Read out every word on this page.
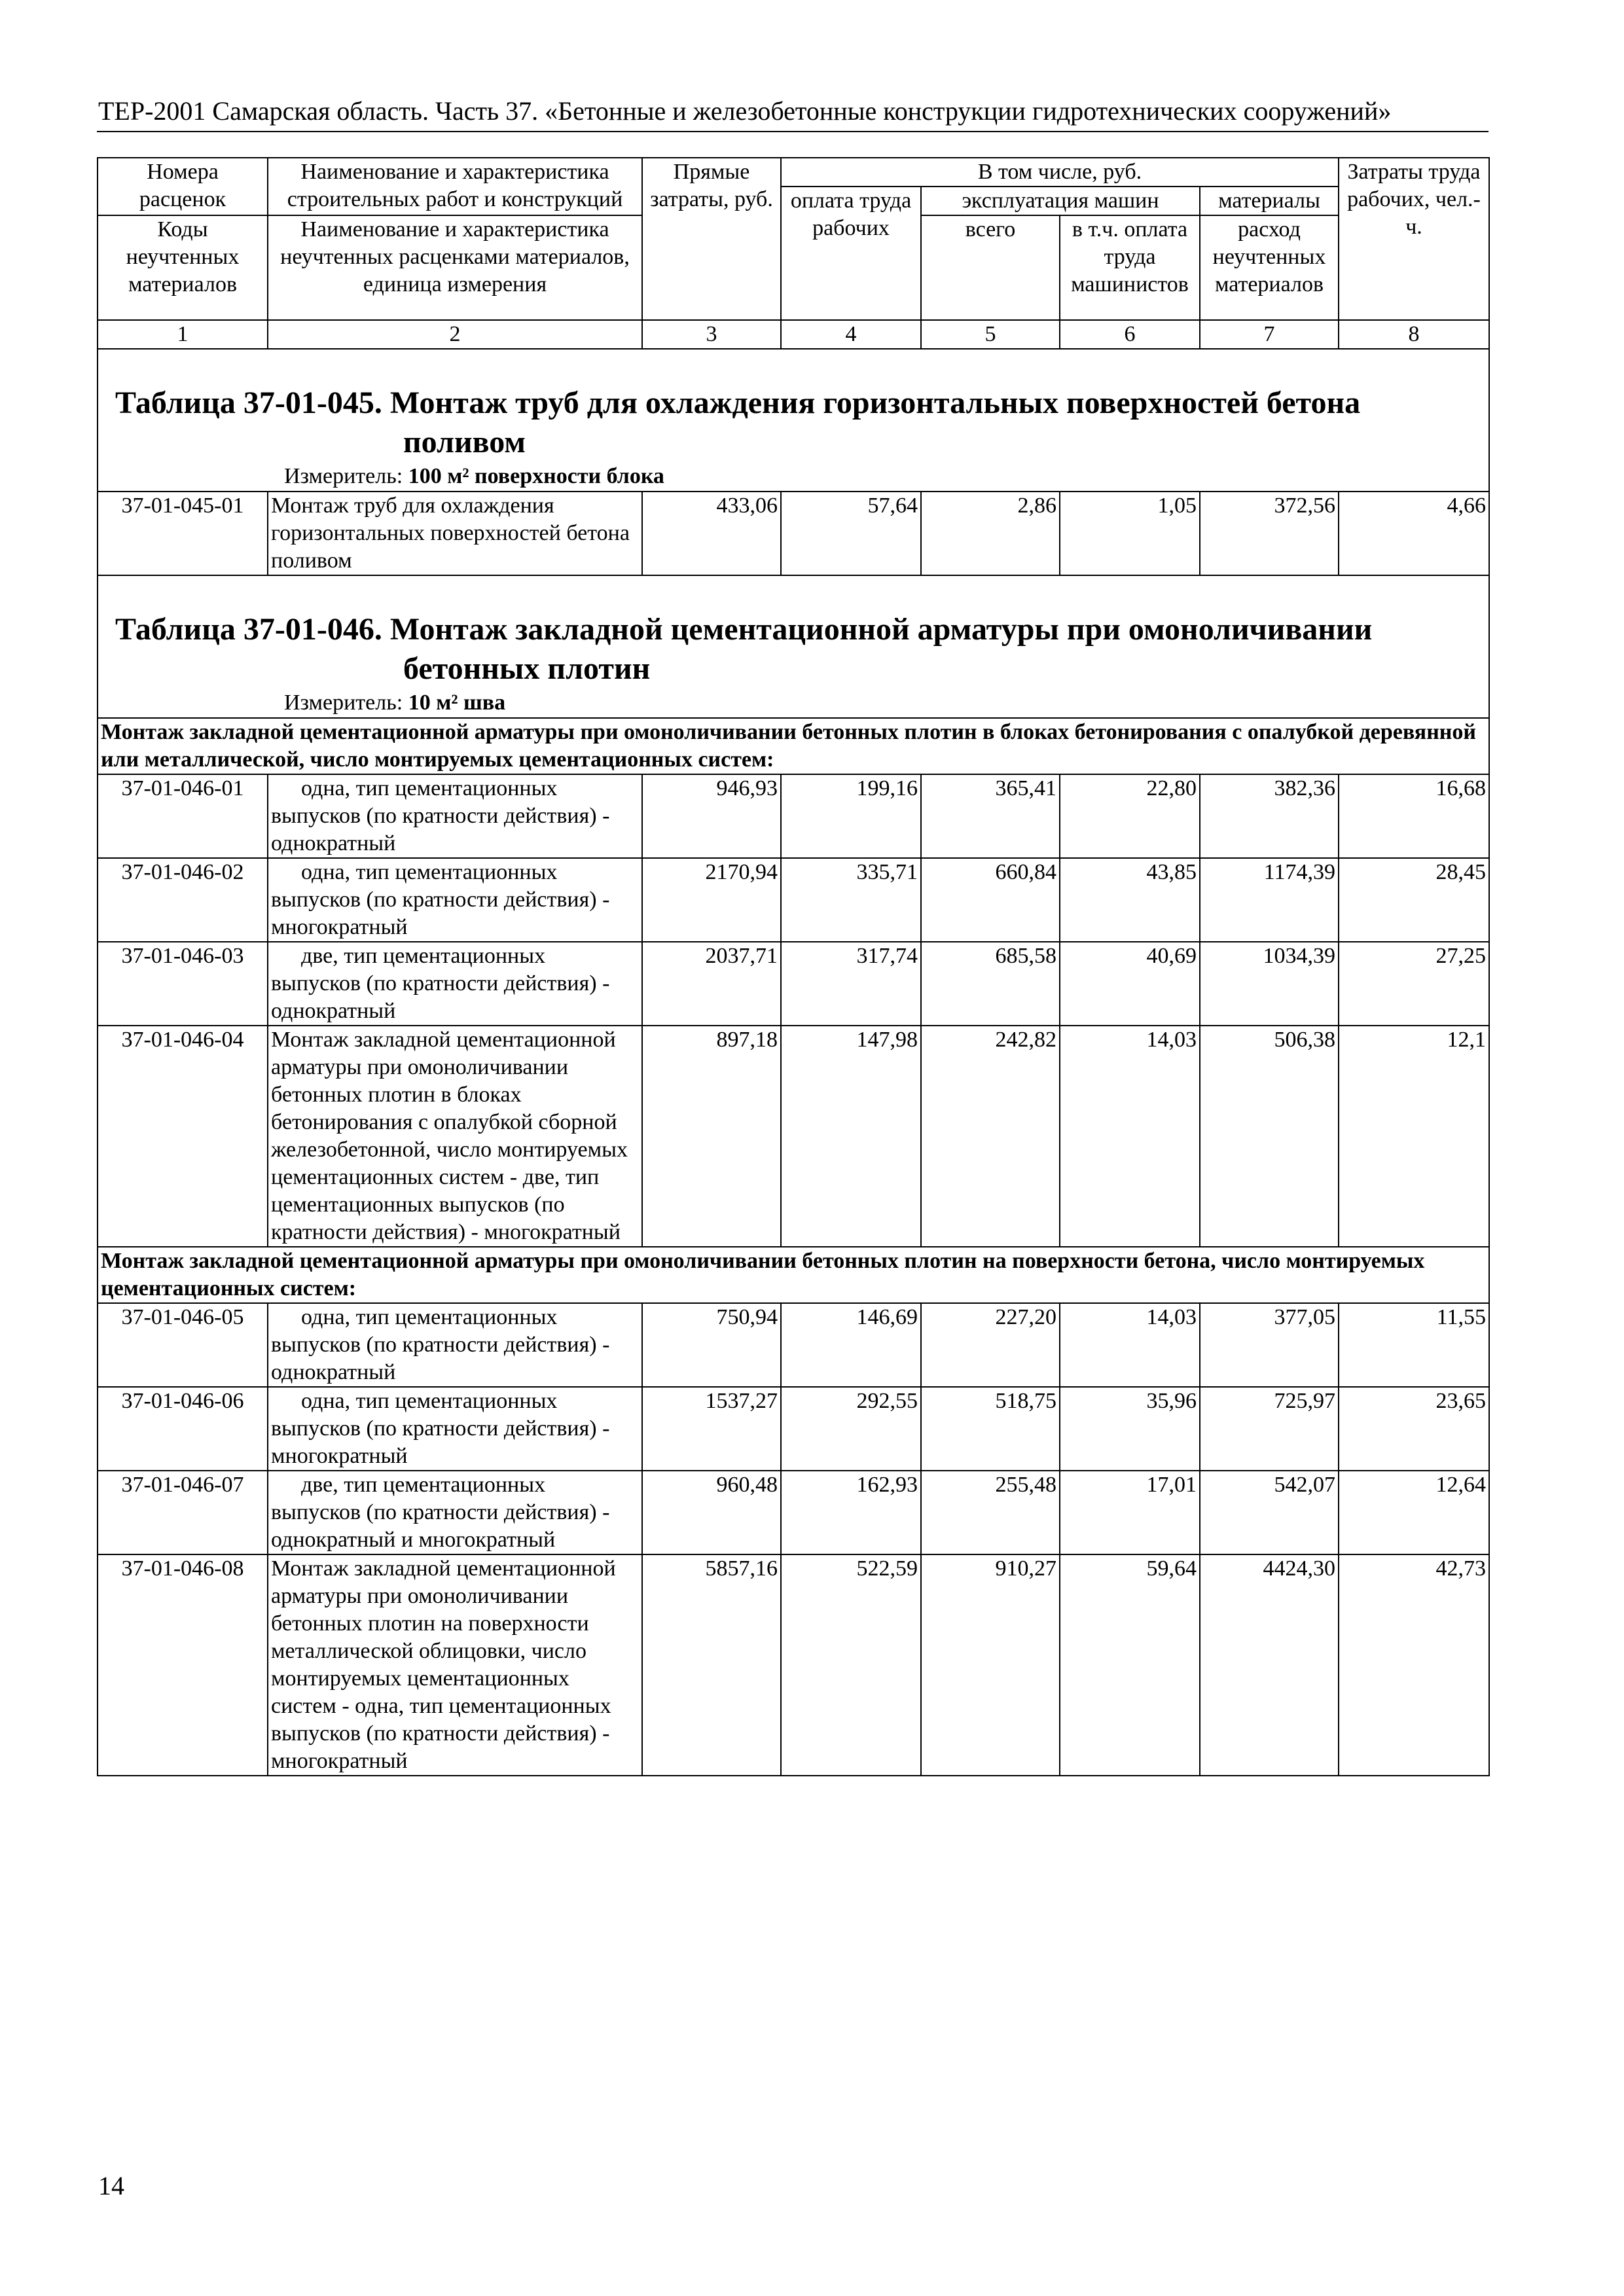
ТЕР-2001 Самарская область. Часть 37. «Бетонные и железобетонные конструкции гидротехнических сооружений»
Номера расценок	Наименование и характеристика строительных работ и конструкций	Прямые затраты, руб.	В том числе, руб.				Затраты труда рабочих, чел.-ч.
			оплата труда рабочих	эксплуатация машин		материалы	
Коды неучтенных материалов	Наименование и характеристика неучтенных расценками материалов, единица измерения			всего	в т.ч. оплата труда машинистов	расход неучтенных материалов	

1	2	3	4	5	6	7	8

Таблица 37-01-045. Монтаж труб для охлаждения горизонтальных поверхностей бетона
поливом
Измеритель: 100 м² поверхности блока							

37-01-045-01	Монтаж труб для охлаждения горизонтальных поверхностей бетона поливом	433,06	57,64	2,86	1,05	372,56	4,66

Таблица 37-01-046. Монтаж закладной цементационной арматуры при омоноличивании
бетонных плотин
Измеритель: 10 м² шва							

Монтаж закладной цементационной арматуры при омоноличивании бетонных плотин в блоках бетонирования с опалубкой деревянной или металлической, число монтируемых цементационных систем:							
37-01-046-01	одна, тип цементационных выпусков (по кратности действия) - однократный	946,93	199,16	365,41	22,80	382,36	16,68
37-01-046-02	одна, тип цементационных выпусков (по кратности действия) - многократный	2170,94	335,71	660,84	43,85	1174,39	28,45
37-01-046-03	две, тип цементационных выпусков (по кратности действия) - однократный	2037,71	317,74	685,58	40,69	1034,39	27,25
37-01-046-04	Монтаж закладной цементационной арматуры при омоноличивании бетонных плотин в блоках бетонирования с опалубкой сборной железобетонной, число монтируемых цементационных систем - две, тип цементационных выпусков (по кратности действия) - многократный	897,18	147,98	242,82	14,03	506,38	12,1
Монтаж закладной цементационной арматуры при омоноличивании бетонных плотин на поверхности бетона, число монтируемых цементационных систем:							
37-01-046-05	одна, тип цементационных выпусков (по кратности действия) - однократный	750,94	146,69	227,20	14,03	377,05	11,55
37-01-046-06	одна, тип цементационных выпусков (по кратности действия) - многократный	1537,27	292,55	518,75	35,96	725,97	23,65
37-01-046-07	две, тип цементационных выпусков (по кратности действия) - однократный и многократный	960,48	162,93	255,48	17,01	542,07	12,64
37-01-046-08	Монтаж закладной цементационной арматуры при омоноличивании бетонных плотин на поверхности металлической облицовки, число монтируемых цементационных систем - одна, тип цементационных выпусков (по кратности действия) - многократный	5857,16	522,59	910,27	59,64	4424,30	42,73
14
